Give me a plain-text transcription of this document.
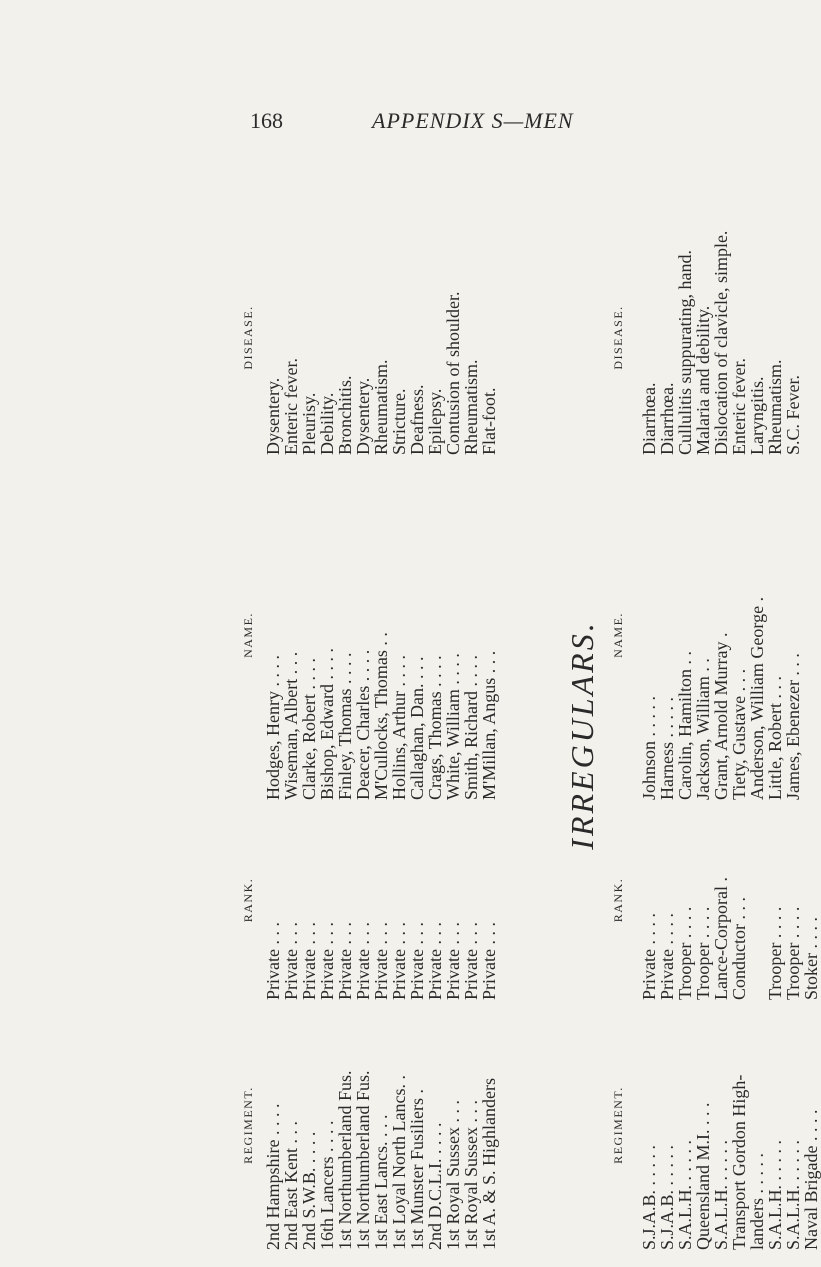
168	APPENDIX S—MEN
REGIMENT. 2nd Hampshire . . . .
2nd East Kent . . .
2nd S.W.B. . . . .
16th Lancers . . . .
1st Northumberland Fus.
1st Northumberland Fus.
1st East Lancs. . . .
1st Loyal North Lancs. .
1st Munster Fusiliers .
2nd D.C.L.I. . . . .
1st Royal Sussex . . .
1st Royal Sussex . . .
1st A. & S. Highlanders
RANK.
Private . . .
Private . . .
Private . . .
Private . . .
Private . . .
Private . . .
Private . . .
Private . . .
Private . . .
Private . . .
Private . . .
Private . . .
Private . . .
NAME.
Hodges, Henry . . . .
Wiseman, Albert . . .
Clarke, Robert . . . .
Bishop, Edward . . . .
Finley, Thomas . . . .
Deacer, Charles . . . .
M'Cullocks, Thomas . .
Hollins, Arthur . . . .
Callaghan, Dan. . . .
Crags, Thomas . . . .
White, William . . . .
Smith, Richard . . . .
M'Millan, Angus . . .
DISEASE.
Dysentery.
Enteric fever.
Pleurisy.
Debility.
Bronchitis.
Dysentery.
Rheumatism.
Stricture.
Deafness.
Epilepsy.
Contusion of shoulder.
Rheumatism.
Flat-foot.
IRREGULARS.
REGIMENT.
S.J.A.B. . . . . .
S.J.A.B. . . . . .
S.A.L.H. . . . . .
Queensland M.I. . . .
S.A.L.H. . . . . .
Transport Gordon High-
landers . . . . .
S.A.L.H. . . . . .
S.A.L.H. . . . . .
Naval Brigade . . . .
RANK.
Private . . . .
Private . . . .
Trooper . . . .
Trooper . . . .
Lance-Corporal .
Conductor . . . Trooper . . . .
Trooper . . . .
Stoker . . . .
NAME.
Johnson . . . . .
Harness . . . . .
Carolin, Hamilton . .
Jackson, William . .
Grant, Arnold Murray .
Tiety, Gustave . . .
Anderson, William George .
Little, Robert . . .
James, Ebenezer . . .
DISEASE.
Diarrhœa.
Diarrhœa.
Cullulitis suppurating, hand.
Malaria and debility.
Dislocation of clavicle, simple.
Enteric fever.
Laryngitis.
Rheumatism.
S.C. Fever.
